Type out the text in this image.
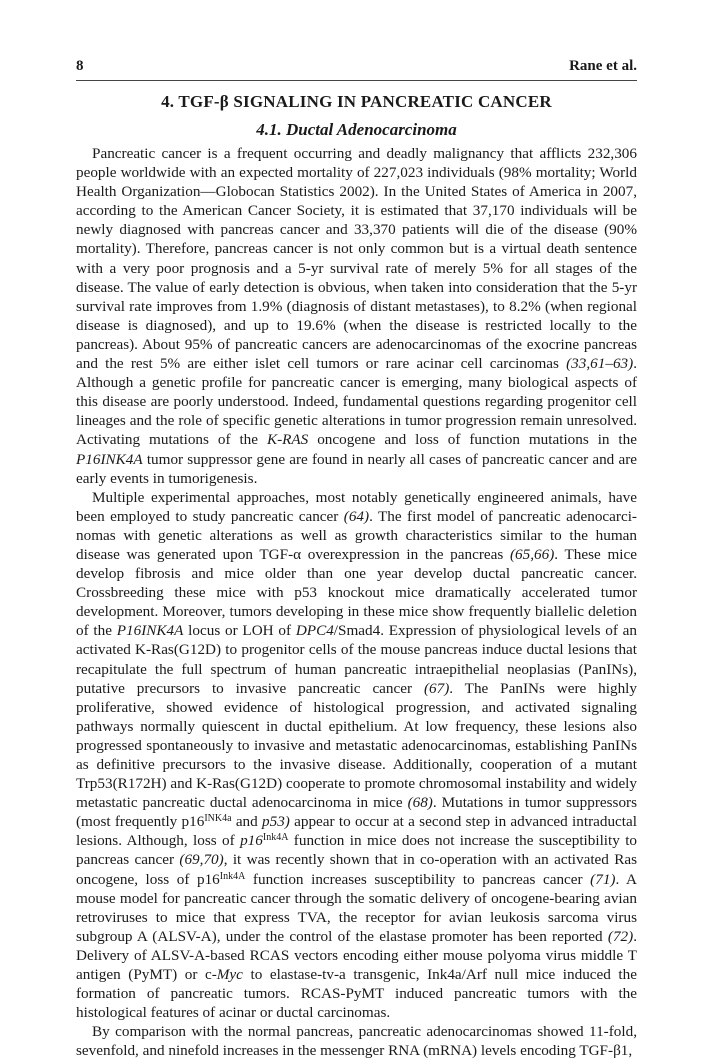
8	Rane et al.
4. TGF-β SIGNALING IN PANCREATIC CANCER
4.1. Ductal Adenocarcinoma

Pancreatic cancer is a frequent occurring and deadly malignancy that afflicts 232,306 people worldwide with an expected mortality of 227,023 individuals (98% mortality; World Health Organization—Globocan Statistics 2002). In the United States of America in 2007, according to the American Cancer Society, it is estimated that 37,170 individuals will be newly diagnosed with pancreas cancer and 33,370 patients will die of the disease (90% mortality). Therefore, pancreas cancer is not only common but is a virtual death sentence with a very poor prognosis and a 5-yr survival rate of merely 5% for all stages of the disease. The value of early detection is obvious, when taken into consideration that the 5-yr survival rate improves from 1.9% (diagnosis of distant metastases), to 8.2% (when regional disease is diagnosed), and up to 19.6% (when the disease is restricted locally to the pancreas). About 95% of pancreatic cancers are adenocarcinomas of the exocrine pancreas and the rest 5% are either islet cell tumors or rare acinar cell carcinomas (33,61–63). Although a genetic profile for pancreatic cancer is emerging, many biological aspects of this disease are poorly understood. Indeed, fundamental questions regarding progenitor cell lineages and the role of specific genetic alterations in tumor progression remain unresolved. Activating mutations of the K-RAS oncogene and loss of function mutations in the P16INK4A tumor suppressor gene are found in nearly all cases of pancreatic cancer and are early events in tumorigenesis.

Multiple experimental approaches, most notably genetically engineered animals, have been employed to study pancreatic cancer (64). The first model of pancreatic adenocarcinomas with genetic alterations as well as growth characteristics similar to the human disease was generated upon TGF-α overexpression in the pancreas (65,66). These mice develop fibrosis and mice older than one year develop ductal pancreatic cancer. Crossbreeding these mice with p53 knockout mice dramatically accelerated tumor development. Moreover, tumors developing in these mice show frequently biallelic deletion of the P16INK4A locus or LOH of DPC4/Smad4. Expression of physiological levels of an activated K-Ras(G12D) to progenitor cells of the mouse pancreas induce ductal lesions that recapitulate the full spectrum of human pancreatic intraepithelial neoplasias (PanINs), putative precursors to invasive pancreatic cancer (67). The PanINs were highly proliferative, showed evidence of histological progression, and activated signaling pathways normally quiescent in ductal epithelium. At low frequency, these lesions also progressed spontaneously to invasive and metastatic adenocarcinomas, establishing PanINs as definitive precursors to the invasive disease. Additionally, cooperation of a mutant Trp53(R172H) and K-Ras(G12D) cooperate to promote chromosomal instability and widely metastatic pancreatic ductal adenocarcinoma in mice (68). Mutations in tumor suppressors (most frequently $p16^{INK4a}$ and p53) appear to occur at a second step in advanced intraductal lesions. Although, loss of $p16^{Ink4A}$ function in mice does not increase the susceptibility to pancreas cancer (69,70), it was recently shown that in co-operation with an activated Ras oncogene, loss of $p16^{Ink4A}$ function increases susceptibility to pancreas cancer (71). A mouse model for pancreatic cancer through the somatic delivery of oncogene-bearing avian retroviruses to mice that express TVA, the receptor for avian leukosis sarcoma virus subgroup A (ALSV-A), under the control of the elastase promoter has been reported (72). Delivery of ALSV-A-based RCAS vectors encoding either mouse polyoma virus middle T antigen (PyMT) or c-Myc to elastase-tv-a transgenic, Ink4a/Arf null mice induced the formation of pancreatic tumors. RCAS-PyMT induced pancreatic tumors with the histological features of acinar or ductal carcinomas.

By comparison with the normal pancreas, pancreatic adenocarcinomas showed 11-fold, sevenfold, and ninefold increases in the messenger RNA (mRNA) levels encoding TGF-β1,
